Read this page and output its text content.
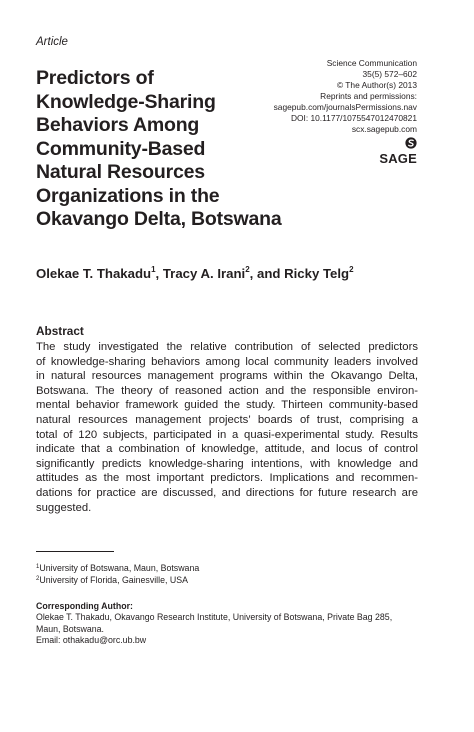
Article
Predictors of
Knowledge-Sharing
Behaviors Among
Community-Based
Natural Resources
Organizations in the
Okavango Delta, Botswana
Science Communication
35(5) 572–602
© The Author(s) 2013
Reprints and permissions:
sagepub.com/journalsPermissions.nav
DOI: 10.1177/1075547012470821
scx.sagepub.com
SAGE
Olekae T. Thakadu$^1$, Tracy A. Irani$^2$, and Ricky Telg$^2$
Abstract

The study investigated the relative contribution of selected predictors
of knowledge-sharing behaviors among local community leaders involved
in natural resources management programs within the Okavango Delta,
Botswana. The theory of reasoned action and the responsible environ-
mental behavior framework guided the study. Thirteen community-based
natural resources management projects’ boards of trust, comprising a
total of 120 subjects, participated in a quasi-experimental study. Results
indicate that a combination of knowledge, attitude, and locus of control
significantly predicts knowledge-sharing intentions, with knowledge and
attitudes as the most important predictors. Implications and recommen-
dations for practice are discussed, and directions for future research are
suggested.

$^1$University of Botswana, Maun, Botswana
$^2$University of Florida, Gainesville, USA
Corresponding Author:
Olekae T. Thakadu, Okavango Research Institute, University of Botswana, Private Bag 285,
Maun, Botswana.
Email: othakadu@orc.ub.bw
